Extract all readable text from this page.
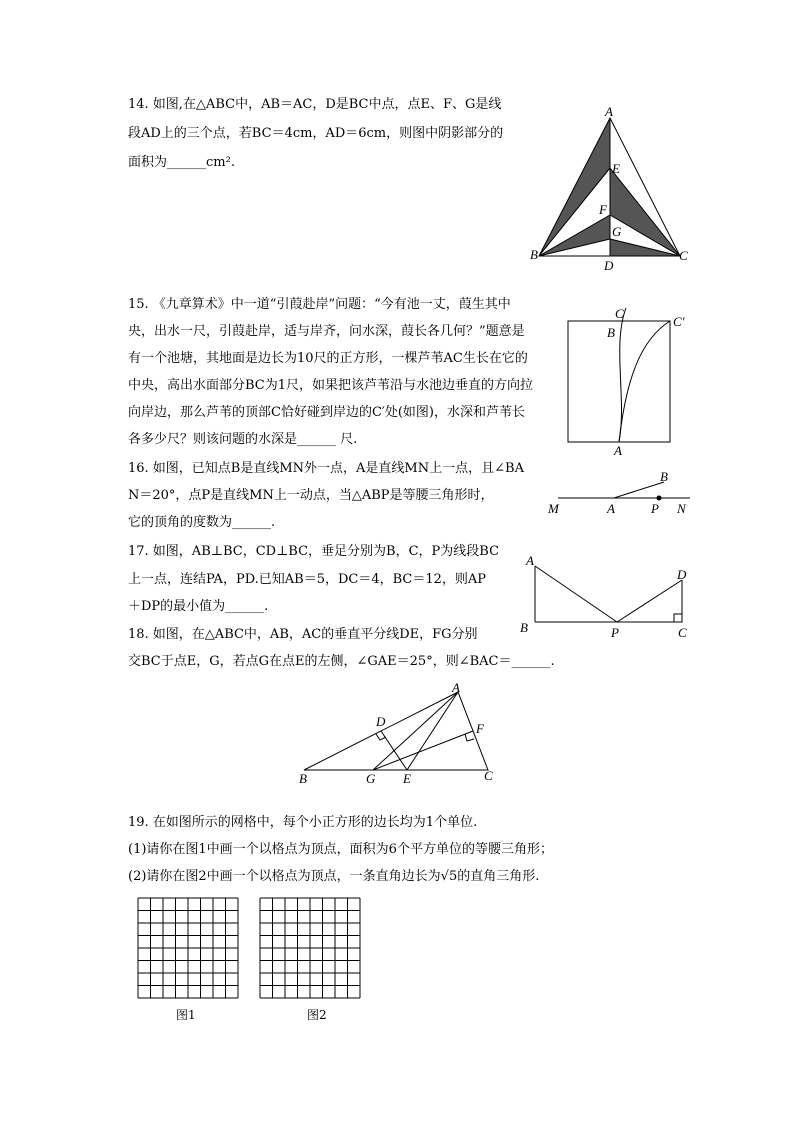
14. 如图,在△ABC中，AB＝AC，D是BC中点，点E、F、G是线
段AD上的三个点，若BC＝4cm，AD＝6cm，则图中阴影部分的
面积为______cm².
A
B	C
D
E
F
G
15. 《九章算术》中一道“引葭赴岸”问题：“今有池一丈，葭生其中
央，出水一尺，引葭赴岸，适与岸齐，问水深，葭长各几何？”题意是
有一个池塘，其地面是边长为10尺的正方形，一棵芦苇AC生长在它的
中央，高出水面部分BC为1尺，如果把该芦苇沿与水池边垂直的方向拉
向岸边，那么芦苇的顶部C恰好碰到岸边的C′处(如图)，水深和芦苇长
各多少尺？则该问题的水深是______ 尺.
C
C′
B
A
16. 如图，已知点B是直线MN外一点，A是直线MN上一点，且∠BA
N＝20°，点P是直线MN上一动点，当△ABP是等腰三角形时，
它的顶角的度数为______.
M	A	P N
B
17. 如图，AB⊥BC，CD⊥BC，垂足分别为B，C，P为线段BC
上一点，连结PA，PD.已知AB＝5，DC＝4，BC＝12，则AP
＋DP的最小值为______.
A
B	P	C
D
18. 如图，在△ABC中，AB，AC的垂直平分线DE，FG分别
交BC于点E，G，若点G在点E的左侧，∠GAE＝25°，则∠BAC＝______.
A
B	C
D
E
F
G
19. 在如图所示的网格中，每个小正方形的边长均为1个单位.
(1)请你在图1中画一个以格点为顶点，面积为6个平方单位的等腰三角形；
(2)请你在图2中画一个以格点为顶点，一条直角边长为√5的直角三角形.
图1	图2
